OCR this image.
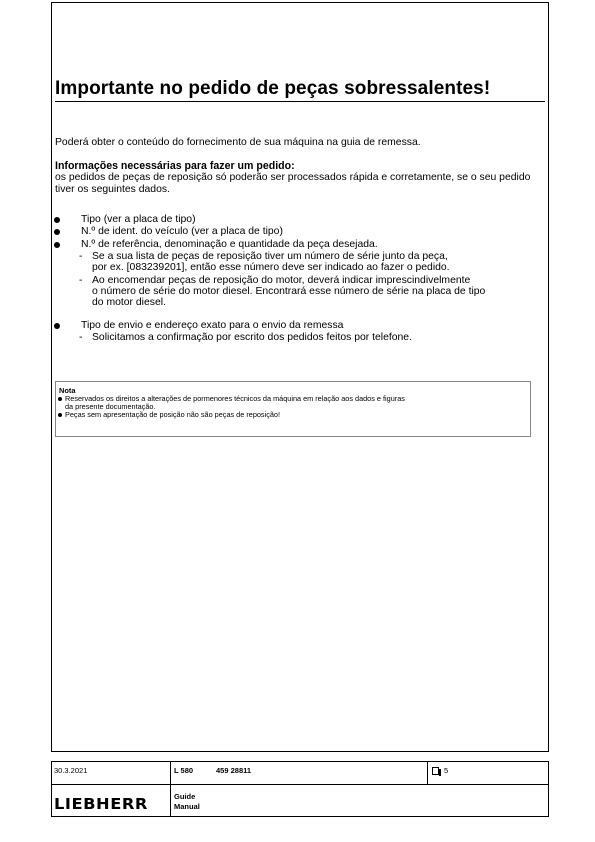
Importante no pedido de peças sobressalentes!
Poderá obter o conteúdo do fornecimento de sua máquina na guia de remessa.
Informações necessárias para fazer um pedido:
os pedidos de peças de reposição só poderão ser processados rápida e corretamente, se o seu pedido tiver os seguintes dados.
Tipo (ver a placa de tipo)
N.º de ident. do veículo (ver a placa de tipo)
N.º de referência, denominação e quantidade da peça desejada.
- Se a sua lista de peças de reposição tiver um número de série junto da peça,
por ex. [083239201], então esse número deve ser indicado ao fazer o pedido.
- Ao encomendar peças de reposição do motor, deverá indicar imprescindivelmente
o número de série do motor diesel. Encontrará esse número de série na placa de tipo
do motor diesel.
Tipo de envio e endereço exato para o envio da remessa
- Solicitamos a confirmação por escrito dos pedidos feitos por telefone.
Nota
Reservados os direitos a alterações de pormenores técnicos da máquina em relação aos dados e figuras
da presente documentação.
Peças sem apresentação de posição não são peças de reposição!
30.3.2021	L 580	459 28811	5
Guide
Manual
LIEBHERR
